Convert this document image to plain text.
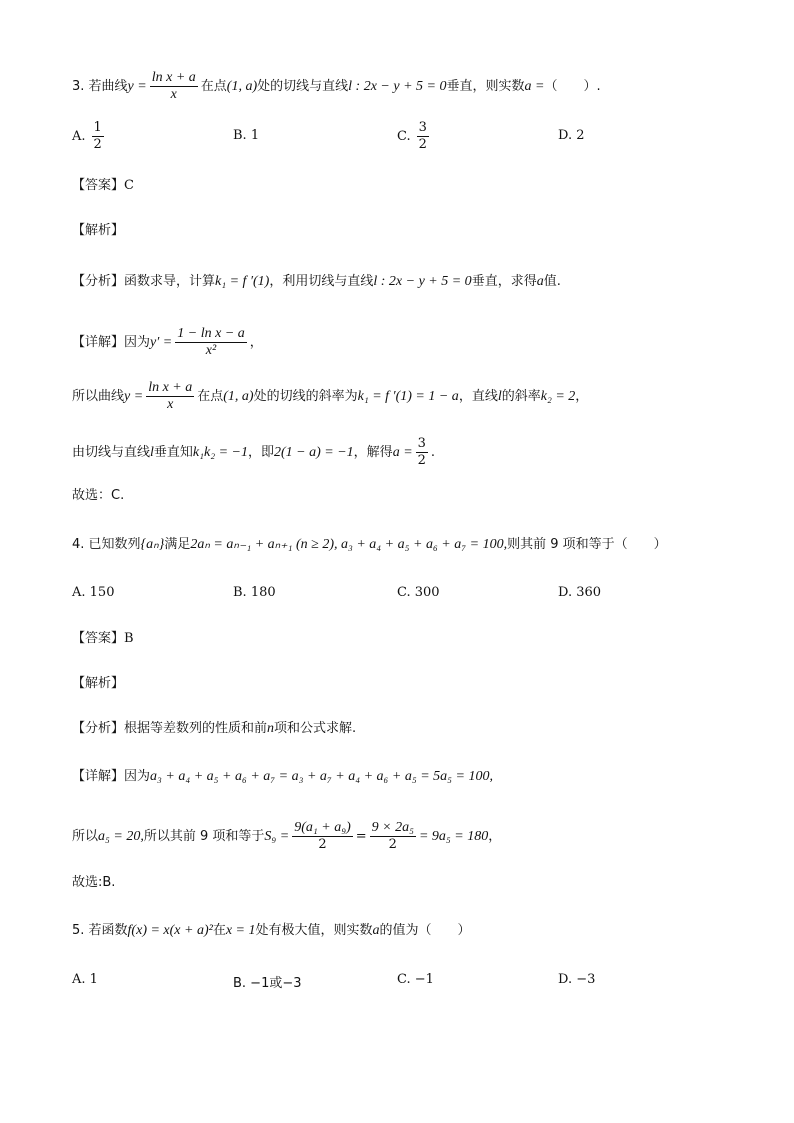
3. 若曲线 $y = \frac{\text{ln x + a}}{x}$ 在点 (1, a) 处的切线与直线 l : 2x − y + 5 = 0 垂直，则实数 a = （　　）.
A. $\frac{1}{2}$	B.
1	C. $\frac{3}{2}$	D.
2
【答案】 C
【解析】
【分析】 函数求导，计算 k₁ = f ′(1) ，利用切线与直线 l : 2x − y + 5 = 0 垂直，求得 a 值.
【详解】 因为 $y' = \frac{\text{1 − ln x − a}}{\text{x²}}$ ，
所以曲线 $y = \frac{\text{ln x + a}}{x}$ 在点 (1, a) 处的切线的斜率为 k₁ = f ′(1) = 1 − a ，直线 l 的斜率 k₂ = 2 ，
由切线与直线 l 垂直知 k₁k₂ = −1 ，即 2(1 − a) = −1 ，解得 $a = \frac{3}{2}$ .
故选：C.
4. 已知数列 {aₙ} 满足 2aₙ = aₙ₋₁ + aₙ₊₁ (n ≥ 2), a₃ + a₄ + a₅ + a₆ + a₇ = 100, 则其前 9 项和等于（　　）
A. 150	B. 180	C. 300	D. 360
【答案】 B
【解析】
【分析】 根据等差数列的性质和前 n 项和公式求解.
【详解】 因为 a₃ + a₄ + a₅ + a₆ + a₇ = a₃ + a₇ + a₄ + a₆ + a₅ = 5a₅ = 100,
所以 a₅ = 20, 所以其前 9 项和等于 $S_9 = \frac{\text{9(a₁ + a₉)}}{2} = \frac{\text{9 × 2a₅}}{2} = 9a_5 = 180$ ，
故选:B.
5. 若函数 f(x) = x(x + a)² 在 x = 1 处有极大值，则实数 a 的值为（　　）
A. 1	B. −1或−3	C. −1	D. −3
